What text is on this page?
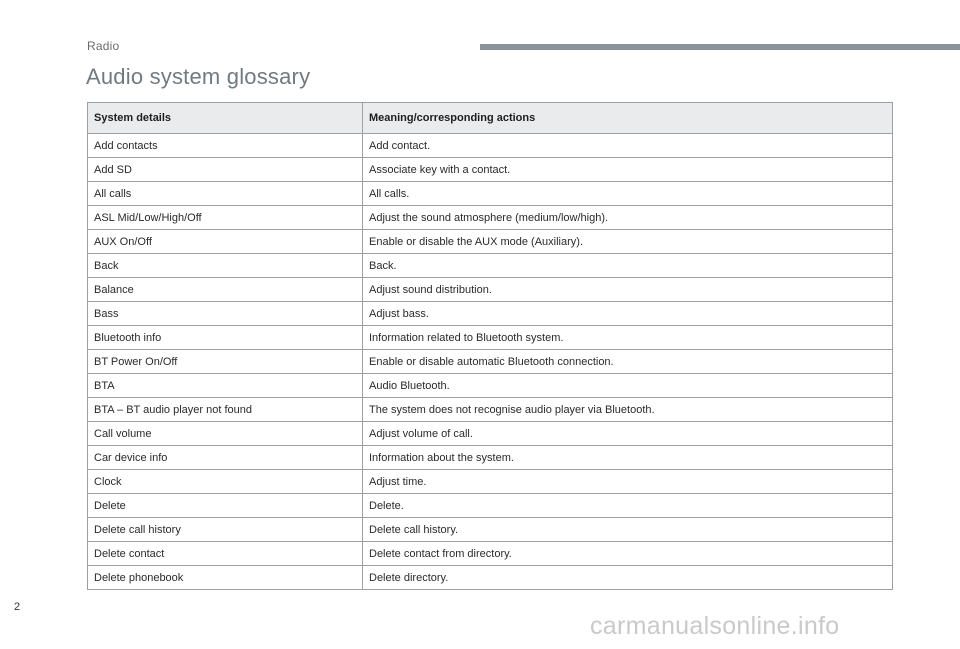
Radio
Audio system glossary
System details	Meaning/corresponding actions
Add contacts	Add contact.
Add SD	Associate key with a contact.
All calls	All calls.
ASL Mid/Low/High/Off	Adjust the sound atmosphere (medium/low/high).
AUX On/Off	Enable or disable the AUX mode (Auxiliary).
Back	Back.
Balance	Adjust sound distribution.
Bass	Adjust bass.
Bluetooth info	Information related to Bluetooth system.
BT Power On/Off	Enable or disable automatic Bluetooth connection.
BTA	Audio Bluetooth.
BTA – BT audio player not found	The system does not recognise audio player via Bluetooth.
Call volume	Adjust volume of call.
Car device info	Information about the system.
Clock	Adjust time.
Delete	Delete.
Delete call history	Delete call history.
Delete contact	Delete contact from directory.
Delete phonebook	Delete directory.
2
carmanualsonline.info
